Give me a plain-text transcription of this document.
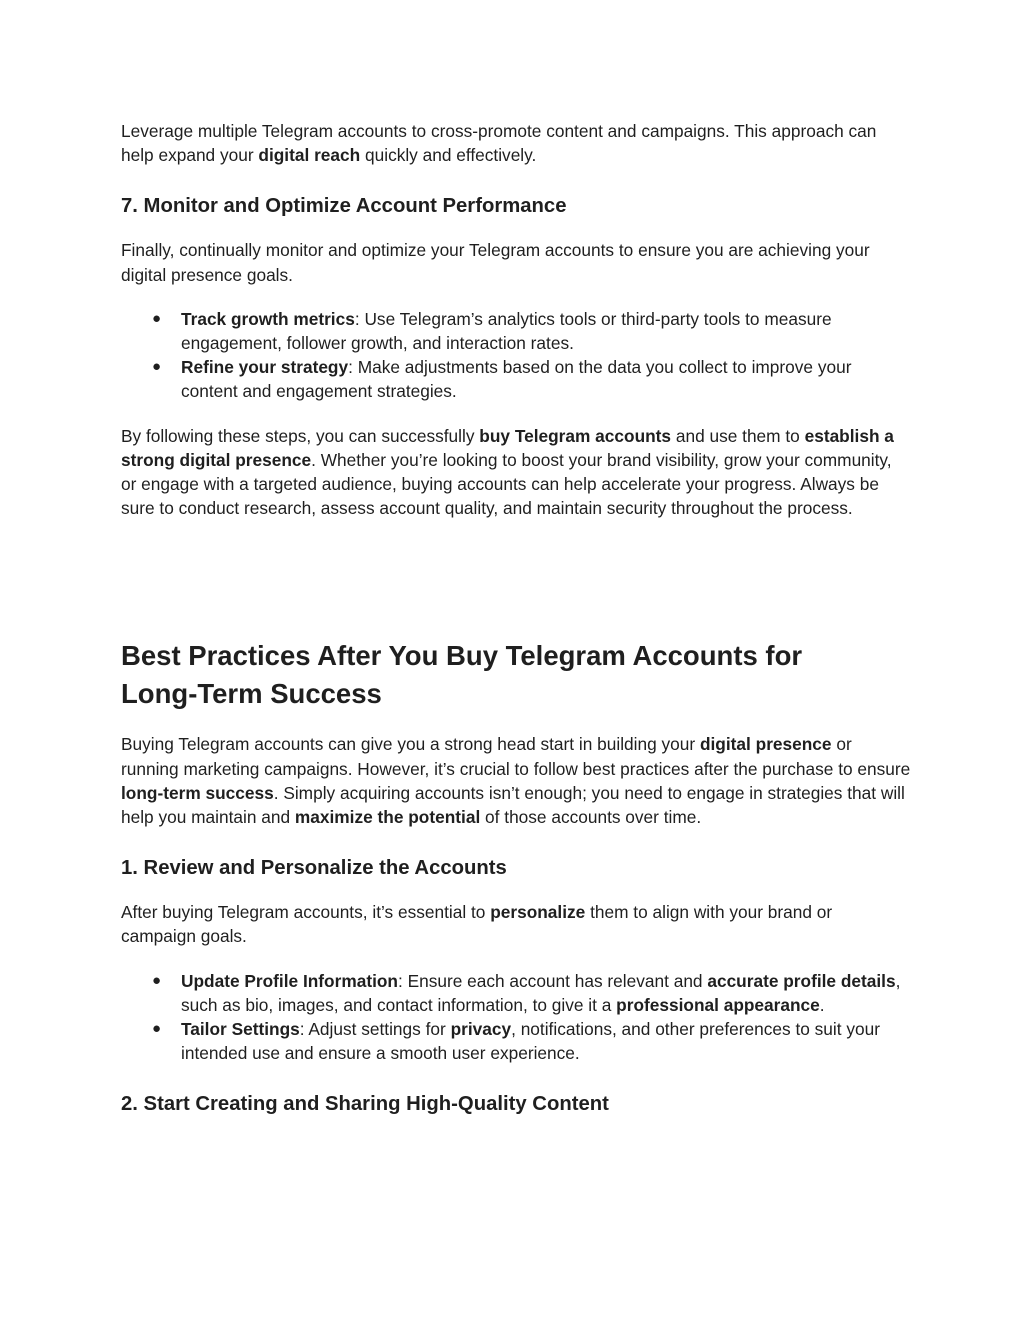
Leverage multiple Telegram accounts to cross-promote content and campaigns. This approach can help expand your digital reach quickly and effectively.

7. Monitor and Optimize Account Performance

Finally, continually monitor and optimize your Telegram accounts to ensure you are achieving your digital presence goals.

● Track growth metrics: Use Telegram’s analytics tools or third-party tools to measure engagement, follower growth, and interaction rates.
● Refine your strategy: Make adjustments based on the data you collect to improve your content and engagement strategies.

By following these steps, you can successfully buy Telegram accounts and use them to establish a strong digital presence. Whether you’re looking to boost your brand visibility, grow your community, or engage with a targeted audience, buying accounts can help accelerate your progress. Always be sure to conduct research, assess account quality, and maintain security throughout the process.

Best Practices After You Buy Telegram Accounts for
Long-Term Success

Buying Telegram accounts can give you a strong head start in building your digital presence or running marketing campaigns. However, it’s crucial to follow best practices after the purchase to ensure long-term success. Simply acquiring accounts isn’t enough; you need to engage in strategies that will help you maintain and maximize the potential of those accounts over time.

1. Review and Personalize the Accounts

After buying Telegram accounts, it’s essential to personalize them to align with your brand or campaign goals.

● Update Profile Information: Ensure each account has relevant and accurate profile details, such as bio, images, and contact information, to give it a professional appearance.
● Tailor Settings: Adjust settings for privacy, notifications, and other preferences to suit your intended use and ensure a smooth user experience.
2. Start Creating and Sharing High-Quality Content
